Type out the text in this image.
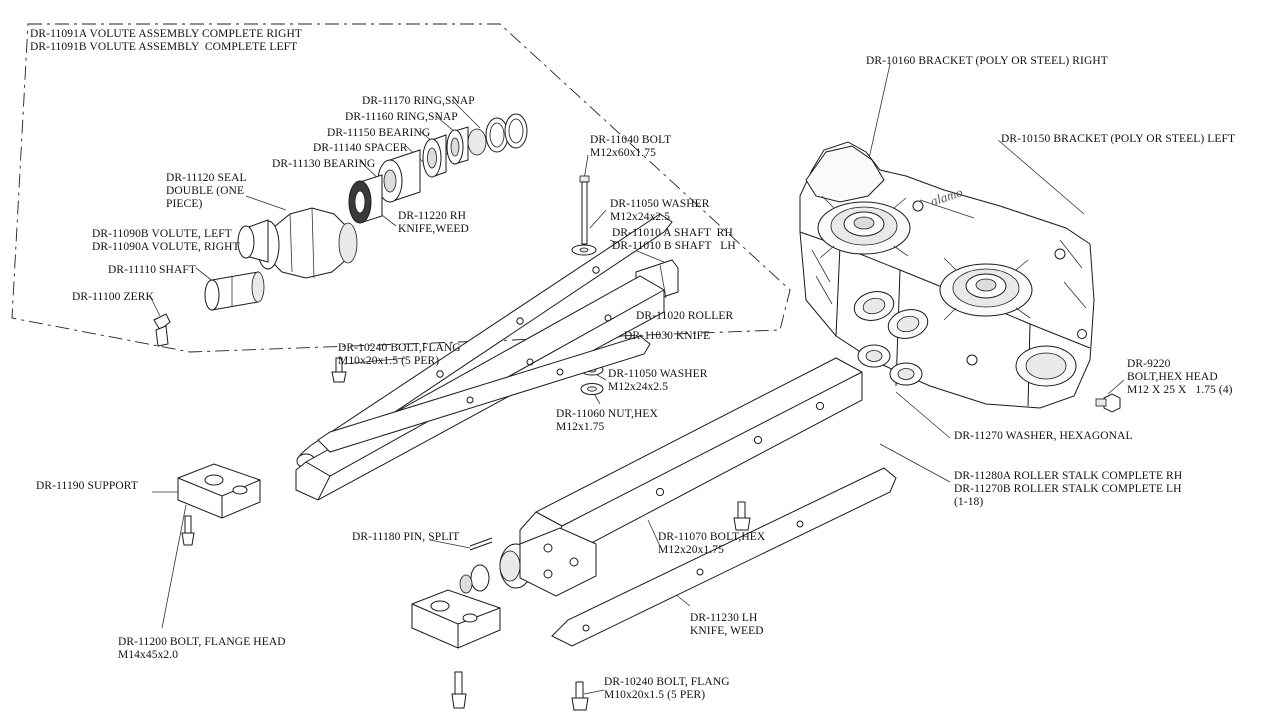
DR-11091A VOLUTE ASSEMBLY COMPLETE RIGHT
DR-11091B VOLUTE ASSEMBLY  COMPLETE LEFT
DR-10160 BRACKET (POLY OR STEEL) RIGHT
DR-10150 BRACKET (POLY OR STEEL) LEFT
DR-11170 RING,SNAP
DR-11160 RING,SNAP
DR-11150 BEARING
DR-11140 SPACER
DR-11130 BEARING
DR-11040 BOLT
M12x60x1.75
DR-11120 SEAL
DOUBLE (ONE
PIECE)	DR-11050 WASHER
M12x24x2.5
DR-11220 RH
KNIFE,WEED	DR-11010 A SHAFT  RH
DR-11010 B SHAFT   LH
DR-11090B VOLUTE, LEFT
DR-11090A VOLUTE, RIGHT
DR-11110 SHAFT
DR-11100 ZERK
DR-11020 ROLLER
DR-11030 KNIFE
DR-10240 BOLT,FLANG
M10x20x1.5 (5 PER)
DR-11050 WASHER
M12x24x2.5
DR-9220
BOLT,HEX HEAD
M12 X 25 X   1.75 (4)
DR-11060 NUT,HEX
M12x1.75
DR-11270 WASHER, HEXAGONAL
DR-11190 SUPPORT
DR-11280A ROLLER STALK COMPLETE RH
DR-11270B ROLLER STALK COMPLETE LH
(1-18)
DR-11180 PIN, SPLIT	DR-11070 BOLT,HEX
M12x20x1.75
DR-11230 LH
KNIFE, WEED
DR-11200 BOLT, FLANGE HEAD
M14x45x2.0
DR-10240 BOLT, FLANG
M10x20x1.5 (5 PER)
alamo
